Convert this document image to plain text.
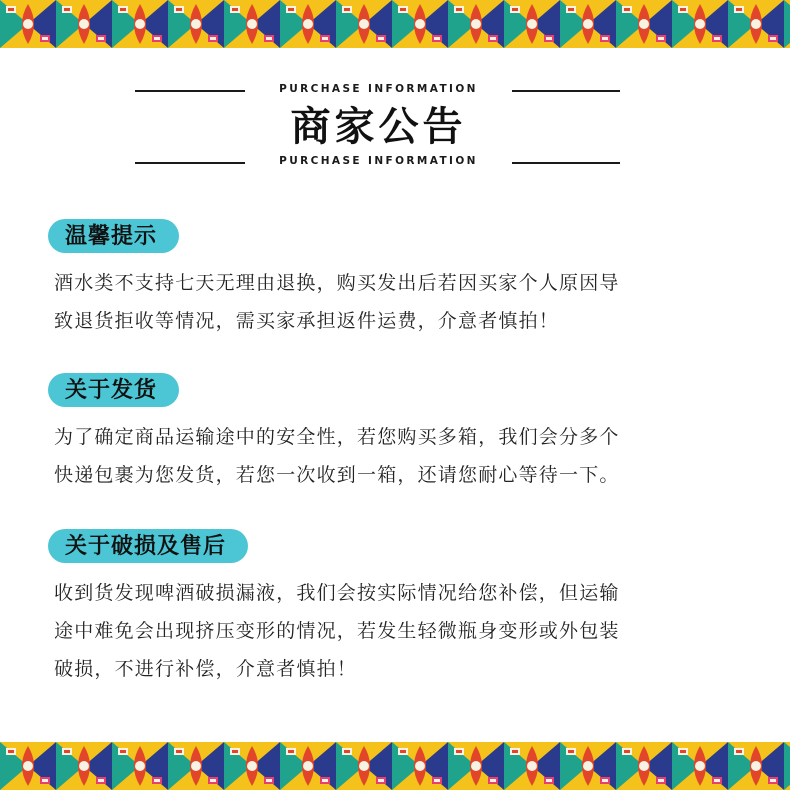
PURCHASE INFORMATION
商家公告
PURCHASE INFORMATION
温馨提示
酒水类不支持七天无理由退换，购买发出后若因买家个人原因导
致退货拒收等情况，需买家承担返件运费，介意者慎拍！
关于发货
为了确定商品运输途中的安全性，若您购买多箱，我们会分多个
快递包裹为您发货，若您一次收到一箱，还请您耐心等待一下。
关于破损及售后
收到货发现啤酒破损漏液，我们会按实际情况给您补偿，但运输
途中难免会出现挤压变形的情况，若发生轻微瓶身变形或外包装
破损，不进行补偿，介意者慎拍！
